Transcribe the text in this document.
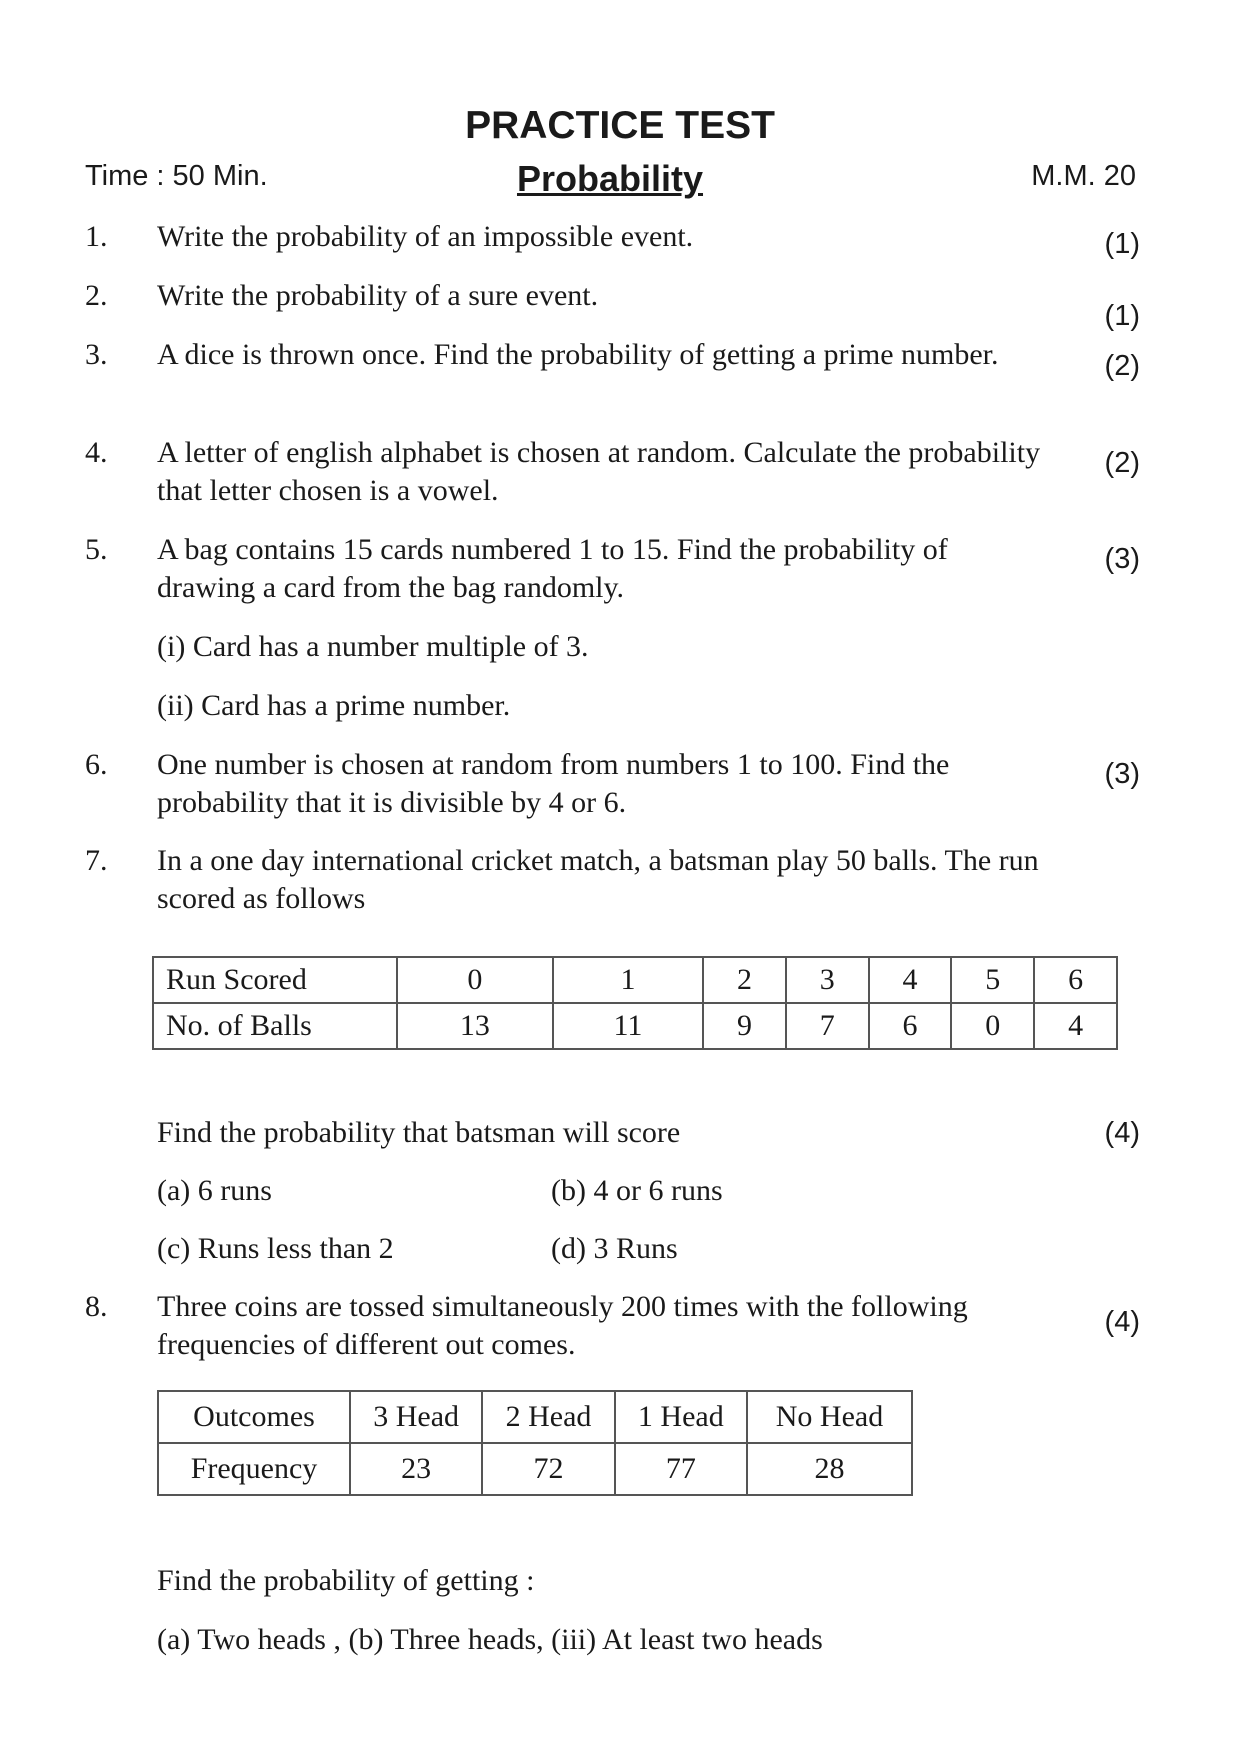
PRACTICE TEST
Time : 50 Min.	Probability	M.M. 20
1.	Write the probability of an impossible event.	(1)
2.	Write the probability of a sure event.
(1)
3.	A dice is thrown once. Find the probability of getting a prime number.	(2)
4.	A letter of english alphabet is chosen at random. Calculate the probability that letter chosen is a vowel.
(2)
5.	A bag contains 15 cards numbered 1 to 15. Find the probability of drawing a card from the bag randomly.
(3)
(i) Card has a number multiple of 3.
(ii) Card has a prime number.
6.	One number is chosen at random from numbers 1 to 100. Find the probability that it is divisible by 4 or 6.
(3)
7.	In a one day international cricket match, a batsman play 50 balls. The run scored as follows
Run Scored	0	1	2	3	4	5	6
No. of Balls	13	11	9	7	6	0	4
Find the probability that batsman will score	(4)
(a) 6 runs	(b) 4 or 6 runs
(c) Runs less than 2	(d) 3 Runs
8.	Three coins are tossed simultaneously 200 times with the following frequencies of different out comes.
(4)
Outcomes	3 Head	2 Head	1 Head	No Head
Frequency	23	72	77	28
Find the probability of getting :
(a) Two heads , (b) Three heads, (iii) At least two heads
